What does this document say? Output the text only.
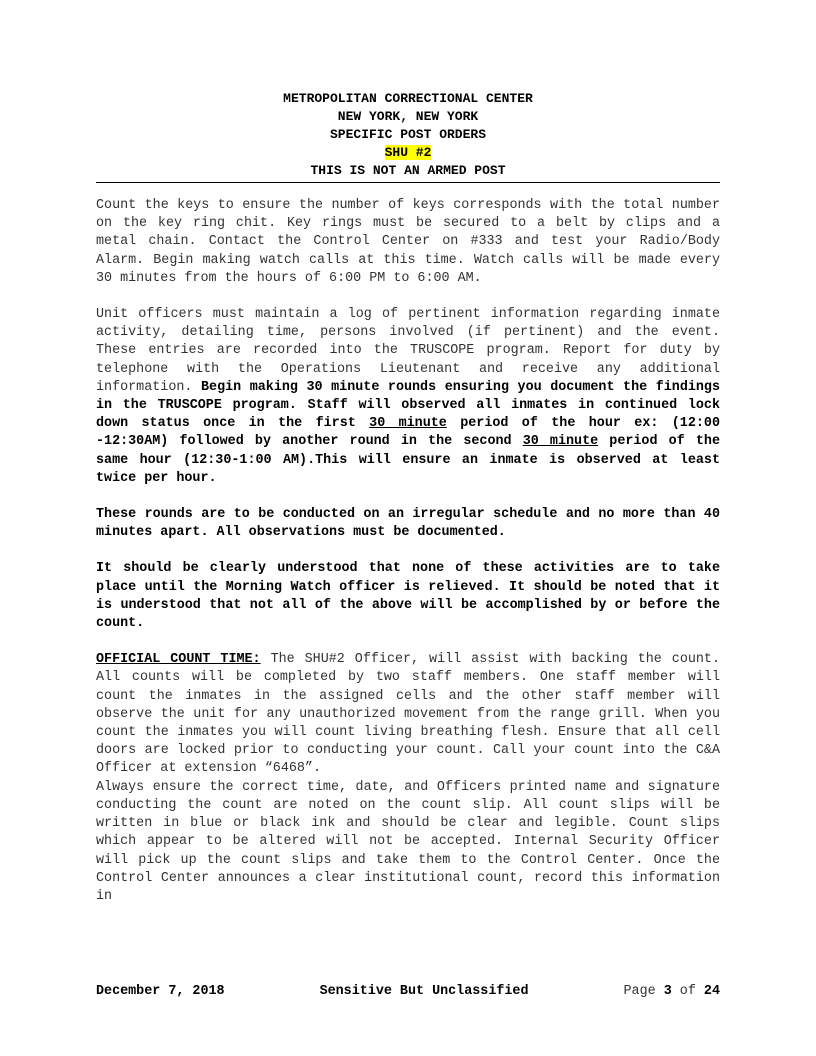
METROPOLITAN CORRECTIONAL CENTER
NEW YORK, NEW YORK
SPECIFIC POST ORDERS
SHU #2
THIS IS NOT AN ARMED POST

Count the keys to ensure the number of keys corresponds with the total number on the key ring chit. Key rings must be secured to a belt by clips and a metal chain. Contact the Control Center on #333 and test your Radio/Body Alarm. Begin making watch calls at this time. Watch calls will be made every 30 minutes from the hours of 6:00 PM to 6:00 AM.

Unit officers must maintain a log of pertinent information regarding inmate activity, detailing time, persons involved (if pertinent) and the event. These entries are recorded into the TRUSCOPE program. Report for duty by telephone with the Operations Lieutenant and receive any additional information. Begin making 30 minute rounds ensuring you document the findings in the TRUSCOPE program. Staff will observed all inmates in continued lock down status once in the first 30 minute period of the hour ex: (12:00 -12:30AM) followed by another round in the second 30 minute period of the same hour (12:30-1:00 AM).This will ensure an inmate is observed at least twice per hour.

These rounds are to be conducted on an irregular schedule and no more than 40 minutes apart. All observations must be documented.

It should be clearly understood that none of these activities are to take place until the Morning Watch officer is relieved. It should be noted that it is understood that not all of the above will be accomplished by or before the count.

OFFICIAL COUNT TIME: The SHU#2 Officer, will assist with backing the count. All counts will be completed by two staff members. One staff member will count the inmates in the assigned cells and the other staff member will observe the unit for any unauthorized movement from the range grill. When you count the inmates you will count living breathing flesh. Ensure that all cell doors are locked prior to conducting your count. Call your count into the C&A Officer at extension “6468”.

Always ensure the correct time, date, and Officers printed name and signature conducting the count are noted on the count slip. All count slips will be written in blue or black ink and should be clear and legible. Count slips which appear to be altered will not be accepted. Internal Security Officer will pick up the count slips and take them to the Control Center. Once the Control Center announces a clear institutional count, record this information in

December 7, 2018	Sensitive But Unclassified	Page 3 of 24
